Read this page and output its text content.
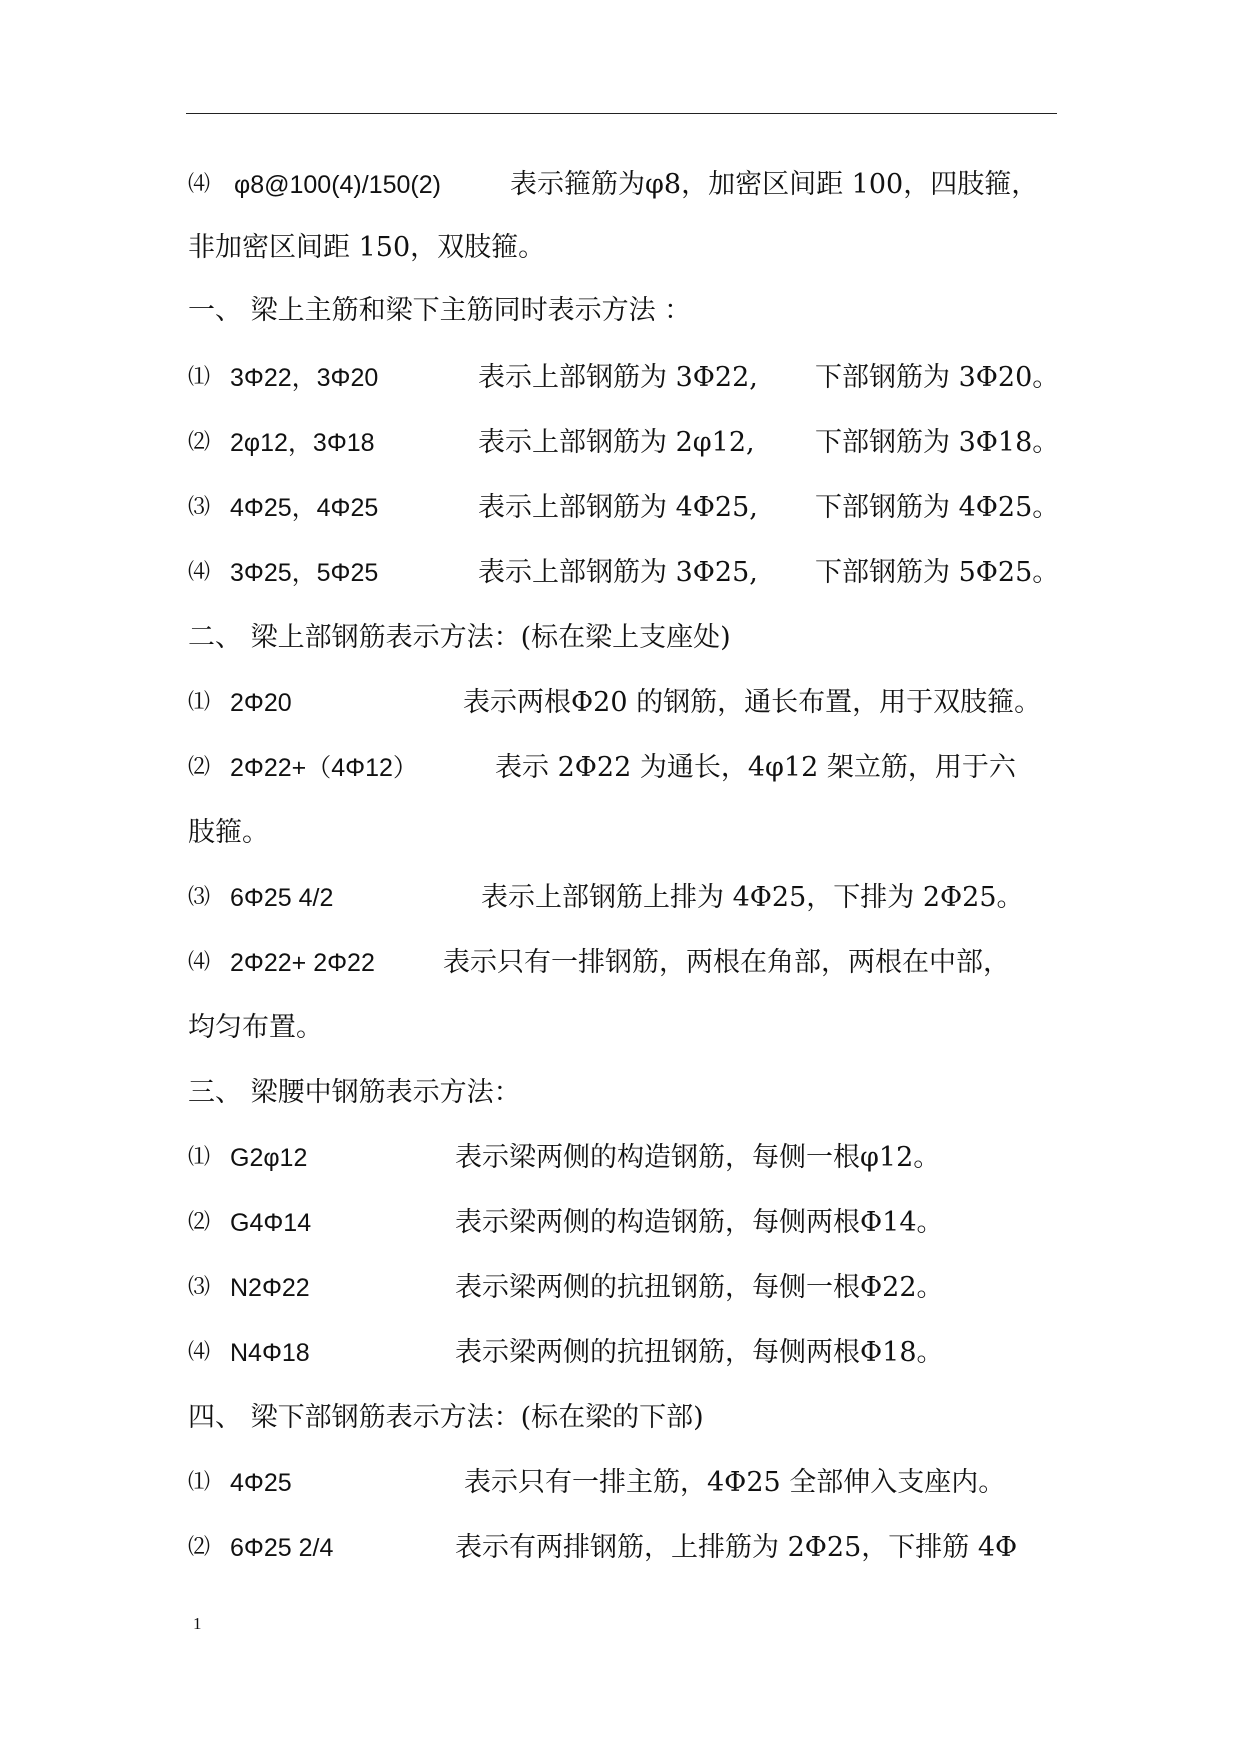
⑷ φ8@100(4)/150(2)	表示箍筋为φ8，加密区间距 100，四肢箍，
非加密区间距 150，双肢箍。
一、 梁上主筋和梁下主筋同时表示方法 ：
⑴ 3Φ22，3Φ20	表示上部钢筋为 3Φ22, 下部钢筋为 3Φ20。
⑵ 2φ12，3Φ18	表示上部钢筋为 2φ12, 下部钢筋为 3Φ18。
⑶ 4Φ25，4Φ25	表示上部钢筋为 4Φ25, 下部钢筋为 4Φ25。
⑷ 3Φ25，5Φ25	表示上部钢筋为 3Φ25, 下部钢筋为 5Φ25。
二、 梁上部钢筋表示方法：(标在梁上支座处)
⑴ 2Φ20	表示两根Φ20 的钢筋，通长布置，用于双肢箍。
⑵ 2Φ22+（4Φ12）	表示 2Φ22 为通长，4φ12 架立筋，用于六
肢箍。
⑶ 6Φ25 4/2	表示上部钢筋上排为 4Φ25，下排为 2Φ25。
⑷ 2Φ22+ 2Φ22	表示只有一排钢筋，两根在角部，两根在中部，
均匀布置。
三、 梁腰中钢筋表示方法：
⑴ G2φ12	表示梁两侧的构造钢筋，每侧一根φ12。
⑵ G4Φ14	表示梁两侧的构造钢筋，每侧两根Φ14。
⑶ N2Φ22	表示梁两侧的抗扭钢筋，每侧一根Φ22。
⑷ N4Φ18	表示梁两侧的抗扭钢筋，每侧两根Φ18。
四、 梁下部钢筋表示方法：(标在梁的下部)
⑴ 4Φ25	表示只有一排主筋，4Φ25 全部伸入支座内。
⑵ 6Φ25 2/4	表示有两排钢筋，上排筋为 2Φ25，下排筋 4Φ
1
